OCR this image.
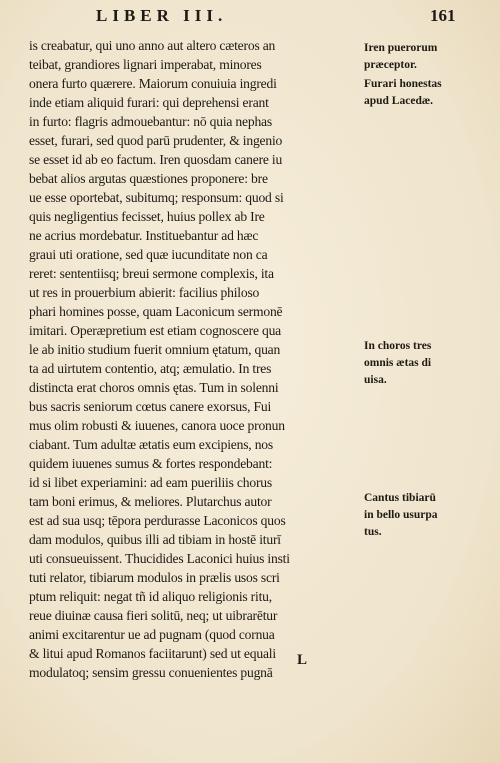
LIBER III.	161
is creabatur, qui uno anno aut altero cæteros an
teibat, grandiores lignari imperabat, minores
onera furto quærere. Maiorum conuiuia ingredi
inde etiam aliquid furari: qui deprehensi erant
in furto: flagris admouebantur: nō quia nephas
esset, furari, sed quod parū prudenter, & ingenio
se esset id ab eo factum. Iren quosdam canere iu
bebat alios argutas quæstiones proponere: bre
ue esse oportebat, subitumq; responsum: quod si
quis negligentius fecisset, huius pollex ab Ire
ne acrius mordebatur. Instituebantur ad hæc
graui uti oratione, sed quæ iucunditate non ca
reret: sententiisq; breui sermone complexis, ita
ut res in prouerbium abierit: facilius philoso
phari homines posse, quam Laconicum sermonē
imitari. Operæpretium est etiam cognoscere qua
le ab initio studium fuerit omnium ętatum, quan
ta ad uirtutem contentio, atq; æmulatio. In tres
distincta erat choros omnis ętas. Tum in solenni
bus sacris seniorum cœtus canere exorsus, Fui
mus olim robusti & iuuenes, canora uoce pronun
ciabant. Tum adultæ ætatis eum excipiens, nos
quidem iuuenes sumus & fortes respondebant:
id si libet experiamini: ad eam pueriliis chorus
tam boni erimus, & meliores. Plutarchus autor
est ad sua usq; tēpora perdurasse Laconicos quos
dam modulos, quibus illi ad tibiam in hostē iturī
uti consueuissent. Thucidides Laconici huius insti
tuti relator, tibiarum modulos in prælis usos scri
ptum reliquit: negat tñ id aliquo religionis ritu,
reue diuinæ causa fieri solitū, neq; ut uibrarētur
animi excitarentur ue ad pugnam (quod cornua
& litui apud Romanos faciitarunt) sed ut equali
modulatoq; sensim gressu conuenientes pugnā
Iren puerorum
præceptor.
Furari honestas
apud Lacedæ.
In choros tres
omnis ætas di
uisa.
Cantus tibiarū
in bello usurpa
tus.
L
